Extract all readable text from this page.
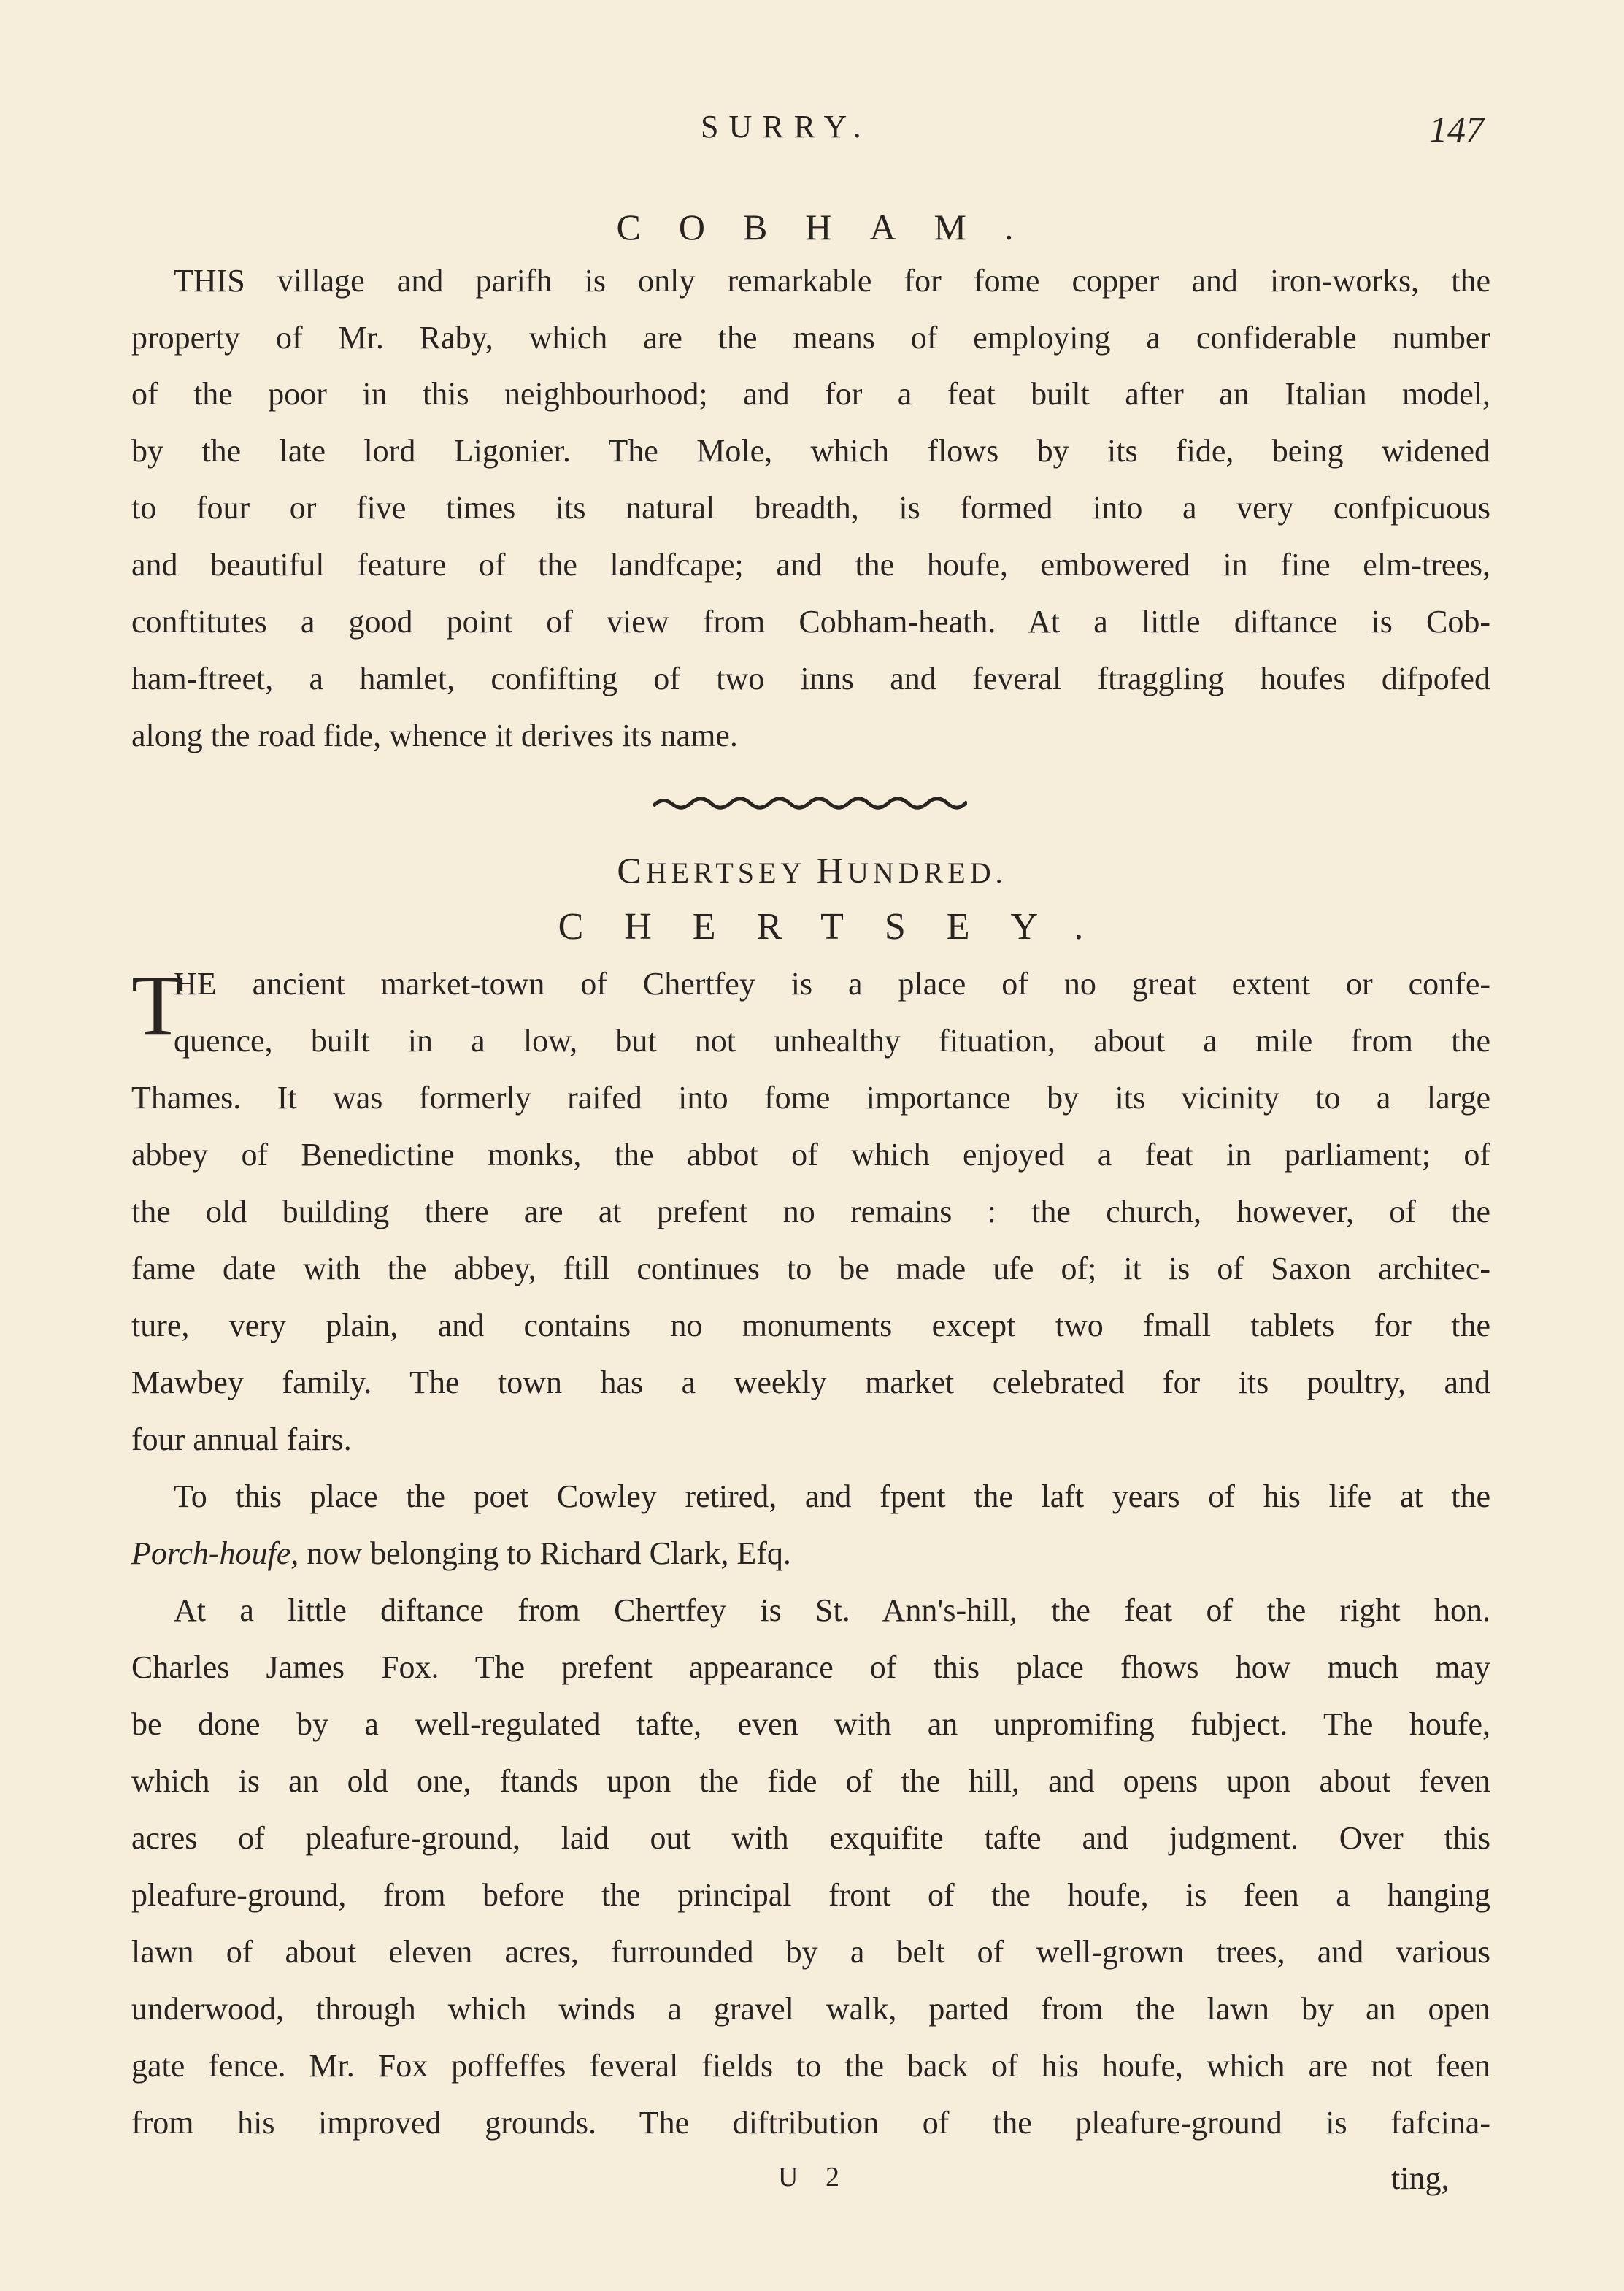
SURRY.	147
COBHAM.
THIS village and parifh is only remarkable for fome copper and iron-works, the
property of Mr. Raby, which are the means of employing a confiderable number
of the poor in this neighbourhood; and for a feat built after an Italian model,
by the late lord Ligonier. The Mole, which flows by its fide, being widened
to four or five times its natural breadth, is formed into a very confpicuous
and beautiful feature of the landfcape; and the houfe, embowered in fine elm-trees,
conftitutes a good point of view from Cobham-heath. At a little diftance is Cob-
ham-ftreet, a hamlet, confifting of two inns and feveral ftraggling houfes difpofed
along the road fide, whence it derives its name.
CHERTSEY HUNDRED.
CHERTSEY.
T
HE ancient market-town of Chertfey is a place of no great extent or confe-
quence, built in a low, but not unhealthy fituation, about a mile from the
Thames. It was formerly raifed into fome importance by its vicinity to a large
abbey of Benedictine monks, the abbot of which enjoyed a feat in parliament; of
the old building there are at prefent no remains : the church, however, of the
fame date with the abbey, ftill continues to be made ufe of; it is of Saxon architec-
ture, very plain, and contains no monuments except two fmall tablets for the
Mawbey family. The town has a weekly market celebrated for its poultry, and
four annual fairs.
To this place the poet Cowley retired, and fpent the laft years of his life at the
Porch-houfe, now belonging to Richard Clark, Efq.
At a little diftance from Chertfey is St. Ann's-hill, the feat of the right hon.
Charles James Fox. The prefent appearance of this place fhows how much may
be done by a well-regulated tafte, even with an unpromifing fubject. The houfe,
which is an old one, ftands upon the fide of the hill, and opens upon about feven
acres of pleafure-ground, laid out with exquifite tafte and judgment. Over this
pleafure-ground, from before the principal front of the houfe, is feen a hanging
lawn of about eleven acres, furrounded by a belt of well-grown trees, and various
underwood, through which winds a gravel walk, parted from the lawn by an open
gate fence. Mr. Fox poffeffes feveral fields to the back of his houfe, which are not feen
from his improved grounds. The diftribution of the pleafure-ground is fafcina-
U 2	ting,
